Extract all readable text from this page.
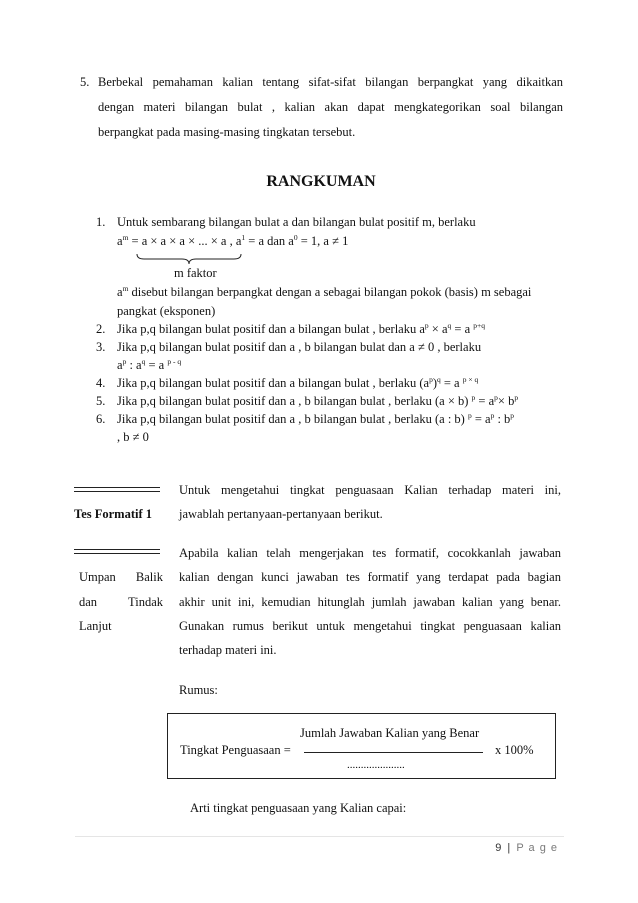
5. Berbekal pemahaman kalian tentang sifat-sifat bilangan berpangkat yang dikaitkan
dengan materi bilangan bulat , kalian akan dapat mengkategorikan soal bilangan
berpangkat pada masing-masing tingkatan tersebut.
RANGKUMAN
1. Untuk sembarang bilangan bulat a dan bilangan bulat positif m, berlaku
$a^m = a \times a \times a$ × ... × a , $a^1 = a$ dan $a^0 = 1$, a ≠ 1
m faktor
$a^m$ disebut bilangan berpangkat dengan a sebagai bilangan pokok (basis) m sebagai
pangkat (eksponen)
2. Jika p,q bilangan bulat positif dan a bilangan bulat , berlaku $a^p \times a^q = a$ $^{p+q}$
3. Jika p,q bilangan bulat positif dan a , b bilangan bulat dan a ≠ 0 , berlaku
$a^p$ : $a^q = a$ $^{p - q}$
4. Jika p,q bilangan bulat positif dan a bilangan bulat , berlaku $(a^p)^q = a$ $^{p \times q}$
5. Jika p,q bilangan bulat positif dan a , b bilangan bulat , berlaku (a × b) $^p = a^p\times b^p$
6. Jika p,q bilangan bulat positif dan a , b bilangan bulat , berlaku (a : b) $^p = a^p$ : $b^p$
, b ≠ 0
Tes Formatif 1
Untuk mengetahui tingkat penguasaan Kalian terhadap materi ini,
jawablah pertanyaan-pertanyaan berikut.
Umpan Balik
dan Tindak
Lanjut
Apabila kalian telah mengerjakan tes formatif, cocokkanlah jawaban
kalian dengan kunci jawaban tes formatif yang terdapat pada bagian
akhir unit ini, kemudian hitunglah jumlah jawaban kalian yang benar.
Gunakan rumus berikut untuk mengetahui tingkat penguasaan kalian
terhadap materi ini.
Rumus:
Jumlah Jawaban Kalian yang Benar
Tingkat Penguasaan =	x 100%
.....................
Arti tingkat penguasaan yang Kalian capai:
9 | P a g e
